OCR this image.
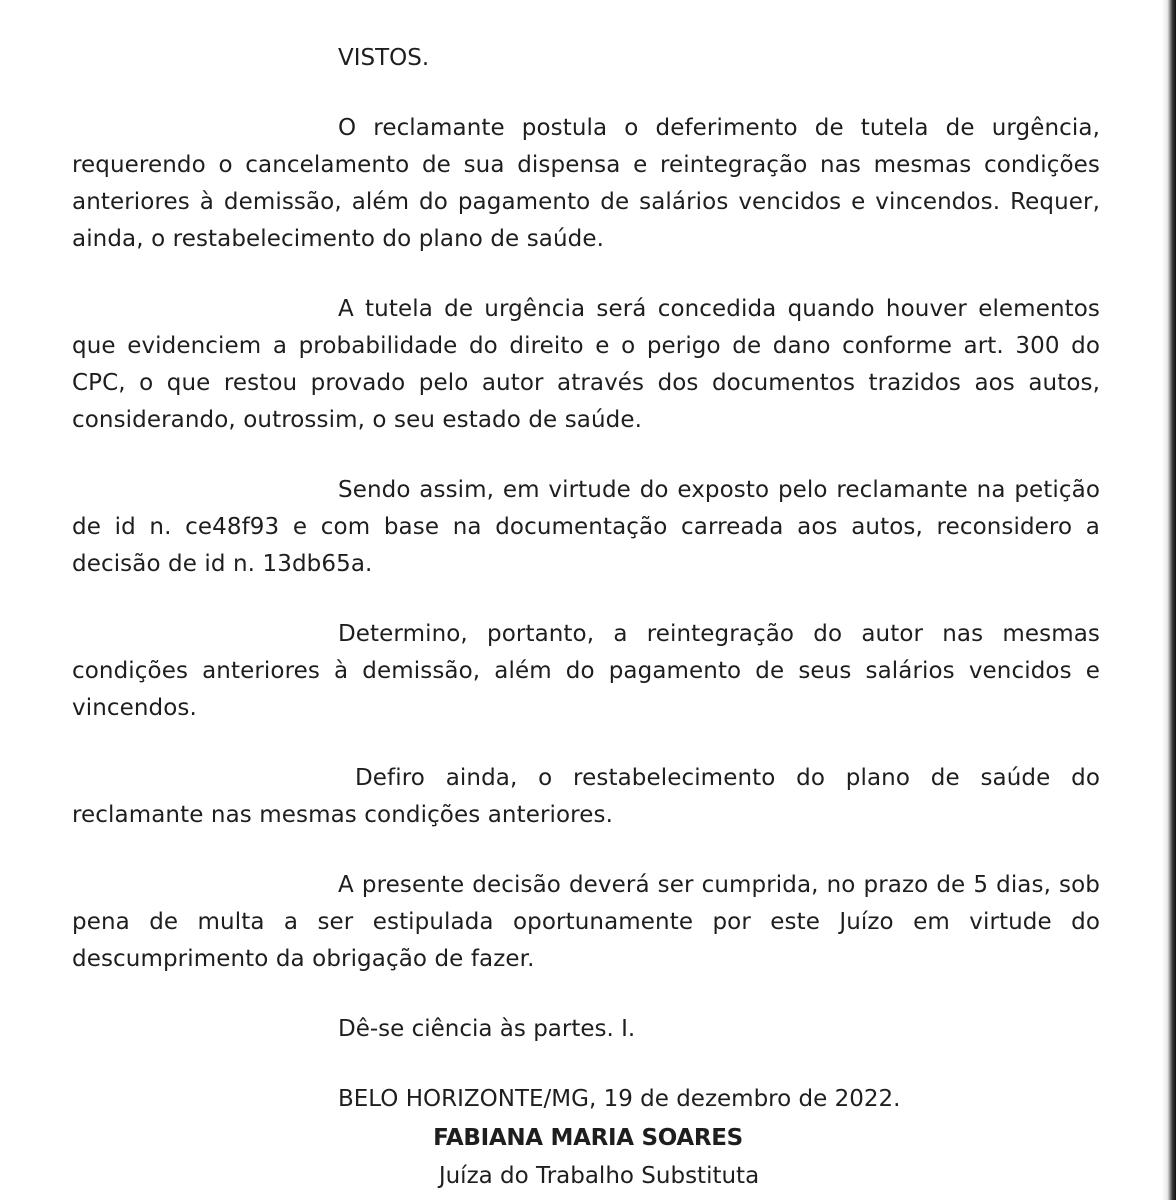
VISTOS.

O reclamante postula o deferimento de tutela de urgência, requerendo o cancelamento de sua dispensa e reintegração nas mesmas condições anteriores à demissão, além do pagamento de salários vencidos e vincendos. Requer, ainda, o restabelecimento do plano de saúde.

A tutela de urgência será concedida quando houver elementos que evidenciem a probabilidade do direito e o perigo de dano conforme art. 300 do CPC, o que restou provado pelo autor através dos documentos trazidos aos autos, considerando, outrossim, o seu estado de saúde.

Sendo assim, em virtude do exposto pelo reclamante na petição de id n. ce48f93 e com base na documentação carreada aos autos, reconsidero a decisão de id n. 13db65a.

Determino, portanto, a reintegração do autor nas mesmas condições anteriores à demissão, além do pagamento de seus salários vencidos e vincendos.

Defiro ainda, o restabelecimento do plano de saúde do reclamante nas mesmas condições anteriores.

A presente decisão deverá ser cumprida, no prazo de 5 dias, sob pena de multa a ser estipulada oportunamente por este Juízo em virtude do descumprimento da obrigação de fazer.

Dê-se ciência às partes. I.

BELO HORIZONTE/MG, 19 de dezembro de 2022.

FABIANA MARIA SOARES
Juíza do Trabalho Substituta
